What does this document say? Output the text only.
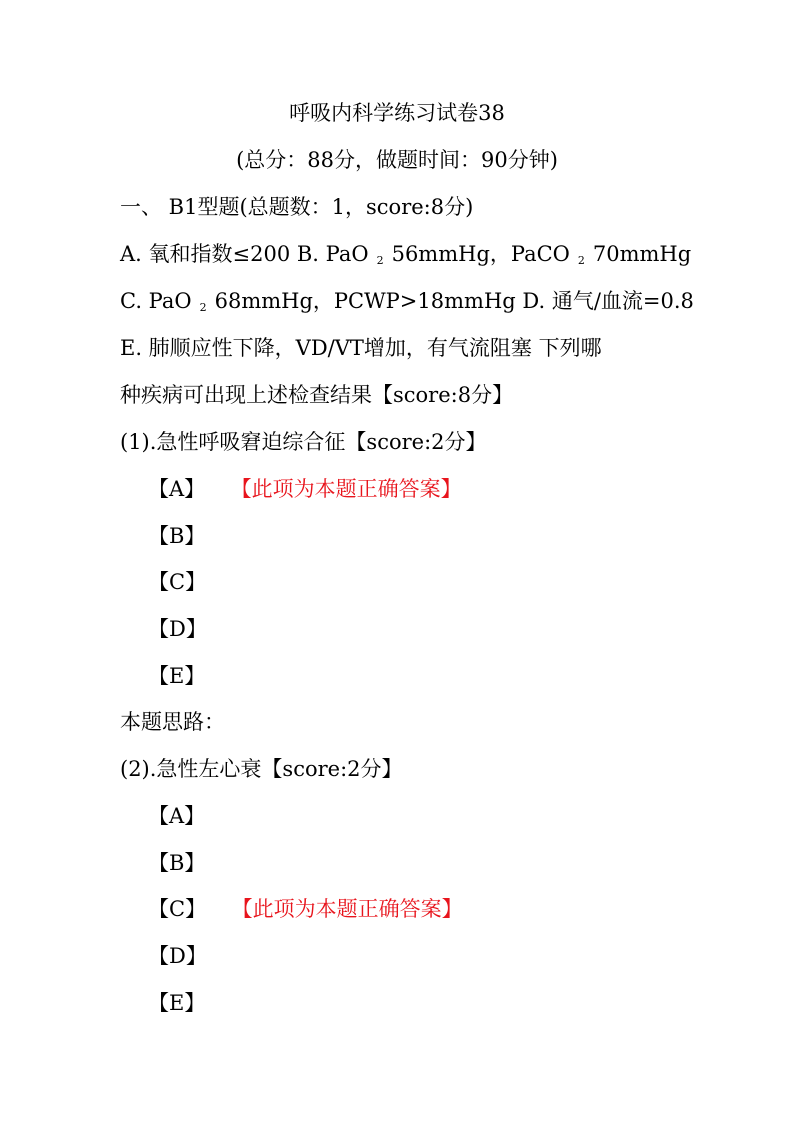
呼吸内科学练习试卷38
(总分：88分，做题时间：90分钟)
一、 B1型题(总题数：1，score:8分)
A. 氧和指数≤200 B. PaO $_2$ 56mmHg，PaCO $_2$ 70mmHg
C. PaO $_2$ 68mmHg，PCWP>18mmHg D. 通气/血流=0.8
E. 肺顺应性下降，VD/VT增加，有气流阻塞 下列哪
种疾病可出现上述检查结果【score:8分】
(1).急性呼吸窘迫综合征【score:2分】
【A】 【此项为本题正确答案】
【B】
【C】
【D】
【E】
本题思路：
(2).急性左心衰【score:2分】
【A】
【B】
【C】 【此项为本题正确答案】
【D】
【E】
